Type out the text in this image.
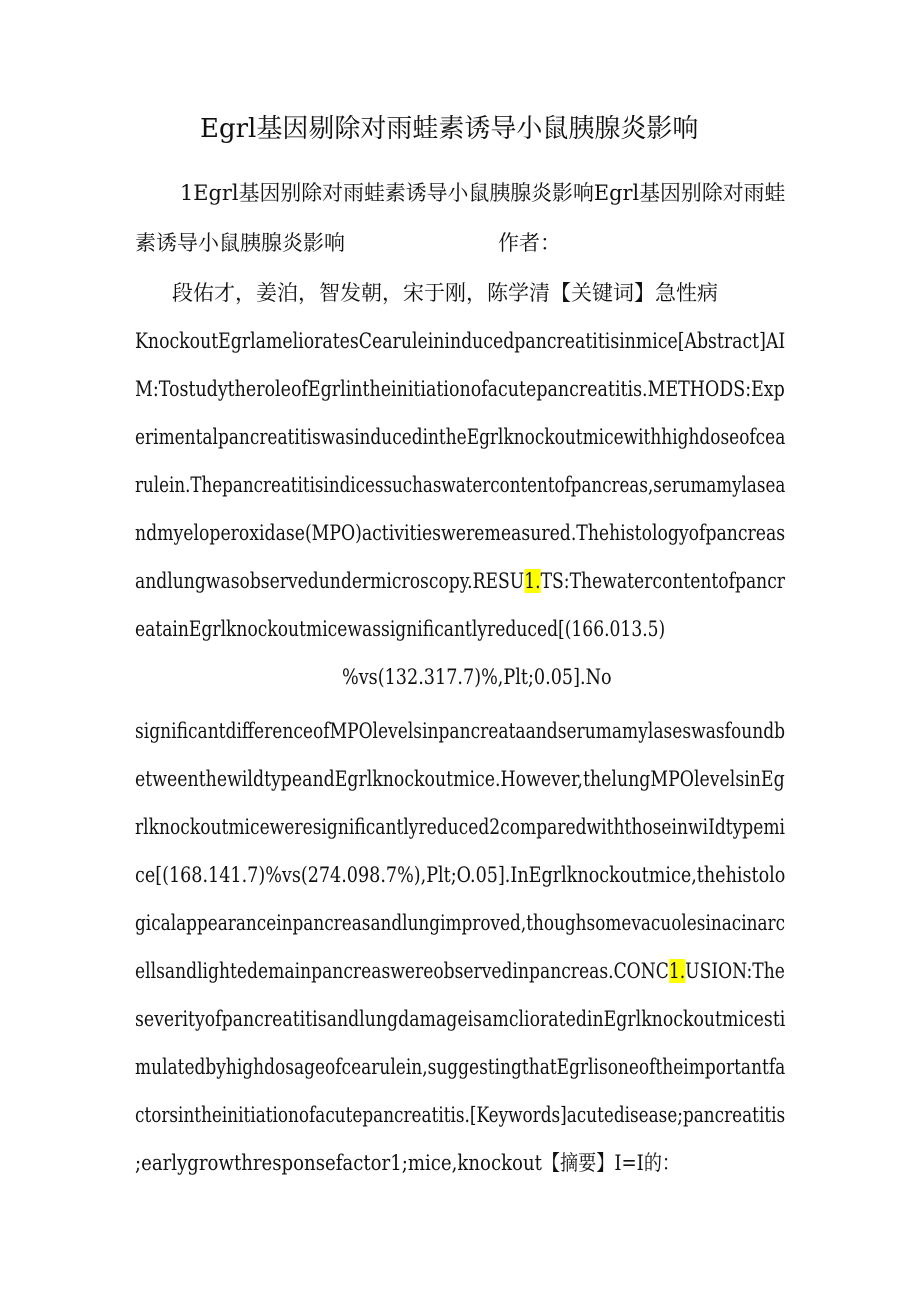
Egrl基因剔除对雨蛙素诱导小鼠胰腺炎影响
1Egrl基因别除对雨蛙素诱导小鼠胰腺炎影响Egrl基因别除对雨蛙
素诱导小鼠胰腺炎影响	作者：
段佑才，姜泊，智发朝，宋于刚，陈学清【关键词】急性病
KnockoutEgrlamelioratesCearuleininducedpancreatitisinmice[Abstract]AI
M:TostudytheroleofEgrlintheinitiationofacutepancreatitis.METHODS:Exp
erimentalpancreatitiswasinducedintheEgrlknockoutmicewithhighdoseofcea
rulein.Thepancreatitisindicessuchaswatercontentofpancreas,serumamylasea
ndmyeloperoxidase(MPO)activitiesweremeasured.Thehistologyofpancreas
andlungwasobservedundermicroscopy.RESU1.TS:Thewatercontentofpancr
eatainEgrlknockoutmicewassignificantlyreduced[(166.013.5)
%vs(132.317.7)%,Plt;0.05].No
significantdifferenceofMPOlevelsinpancreataandserumamylaseswasfoundb
etweenthewildtypeandEgrlknockoutmice.However,thelungMPOlevelsinEg
rlknockoutmiceweresignificantlyreduced2comparedwiththoseinwiIdtypemi
ce[(168.141.7)%vs(274.098.7%),Plt;O.05].InEgrlknockoutmice,thehistolo
gicalappearanceinpancreasandlungimproved,thoughsomevacuolesinacinarc
ellsandlightedemainpancreaswereobservedinpancreas.CONC1.USION:The
severityofpancreatitisandlungdamageisamclioratedinEgrlknockoutmicesti
mulatedbyhighdosageofcearulein,suggestingthatEgrlisoneoftheimportantfa
ctorsintheinitiationofacutepancreatitis.[Keywords]acutedisease;pancreatitis
;earlygrowthresponsefactor1;mice,knockout【摘要】I=I的：
